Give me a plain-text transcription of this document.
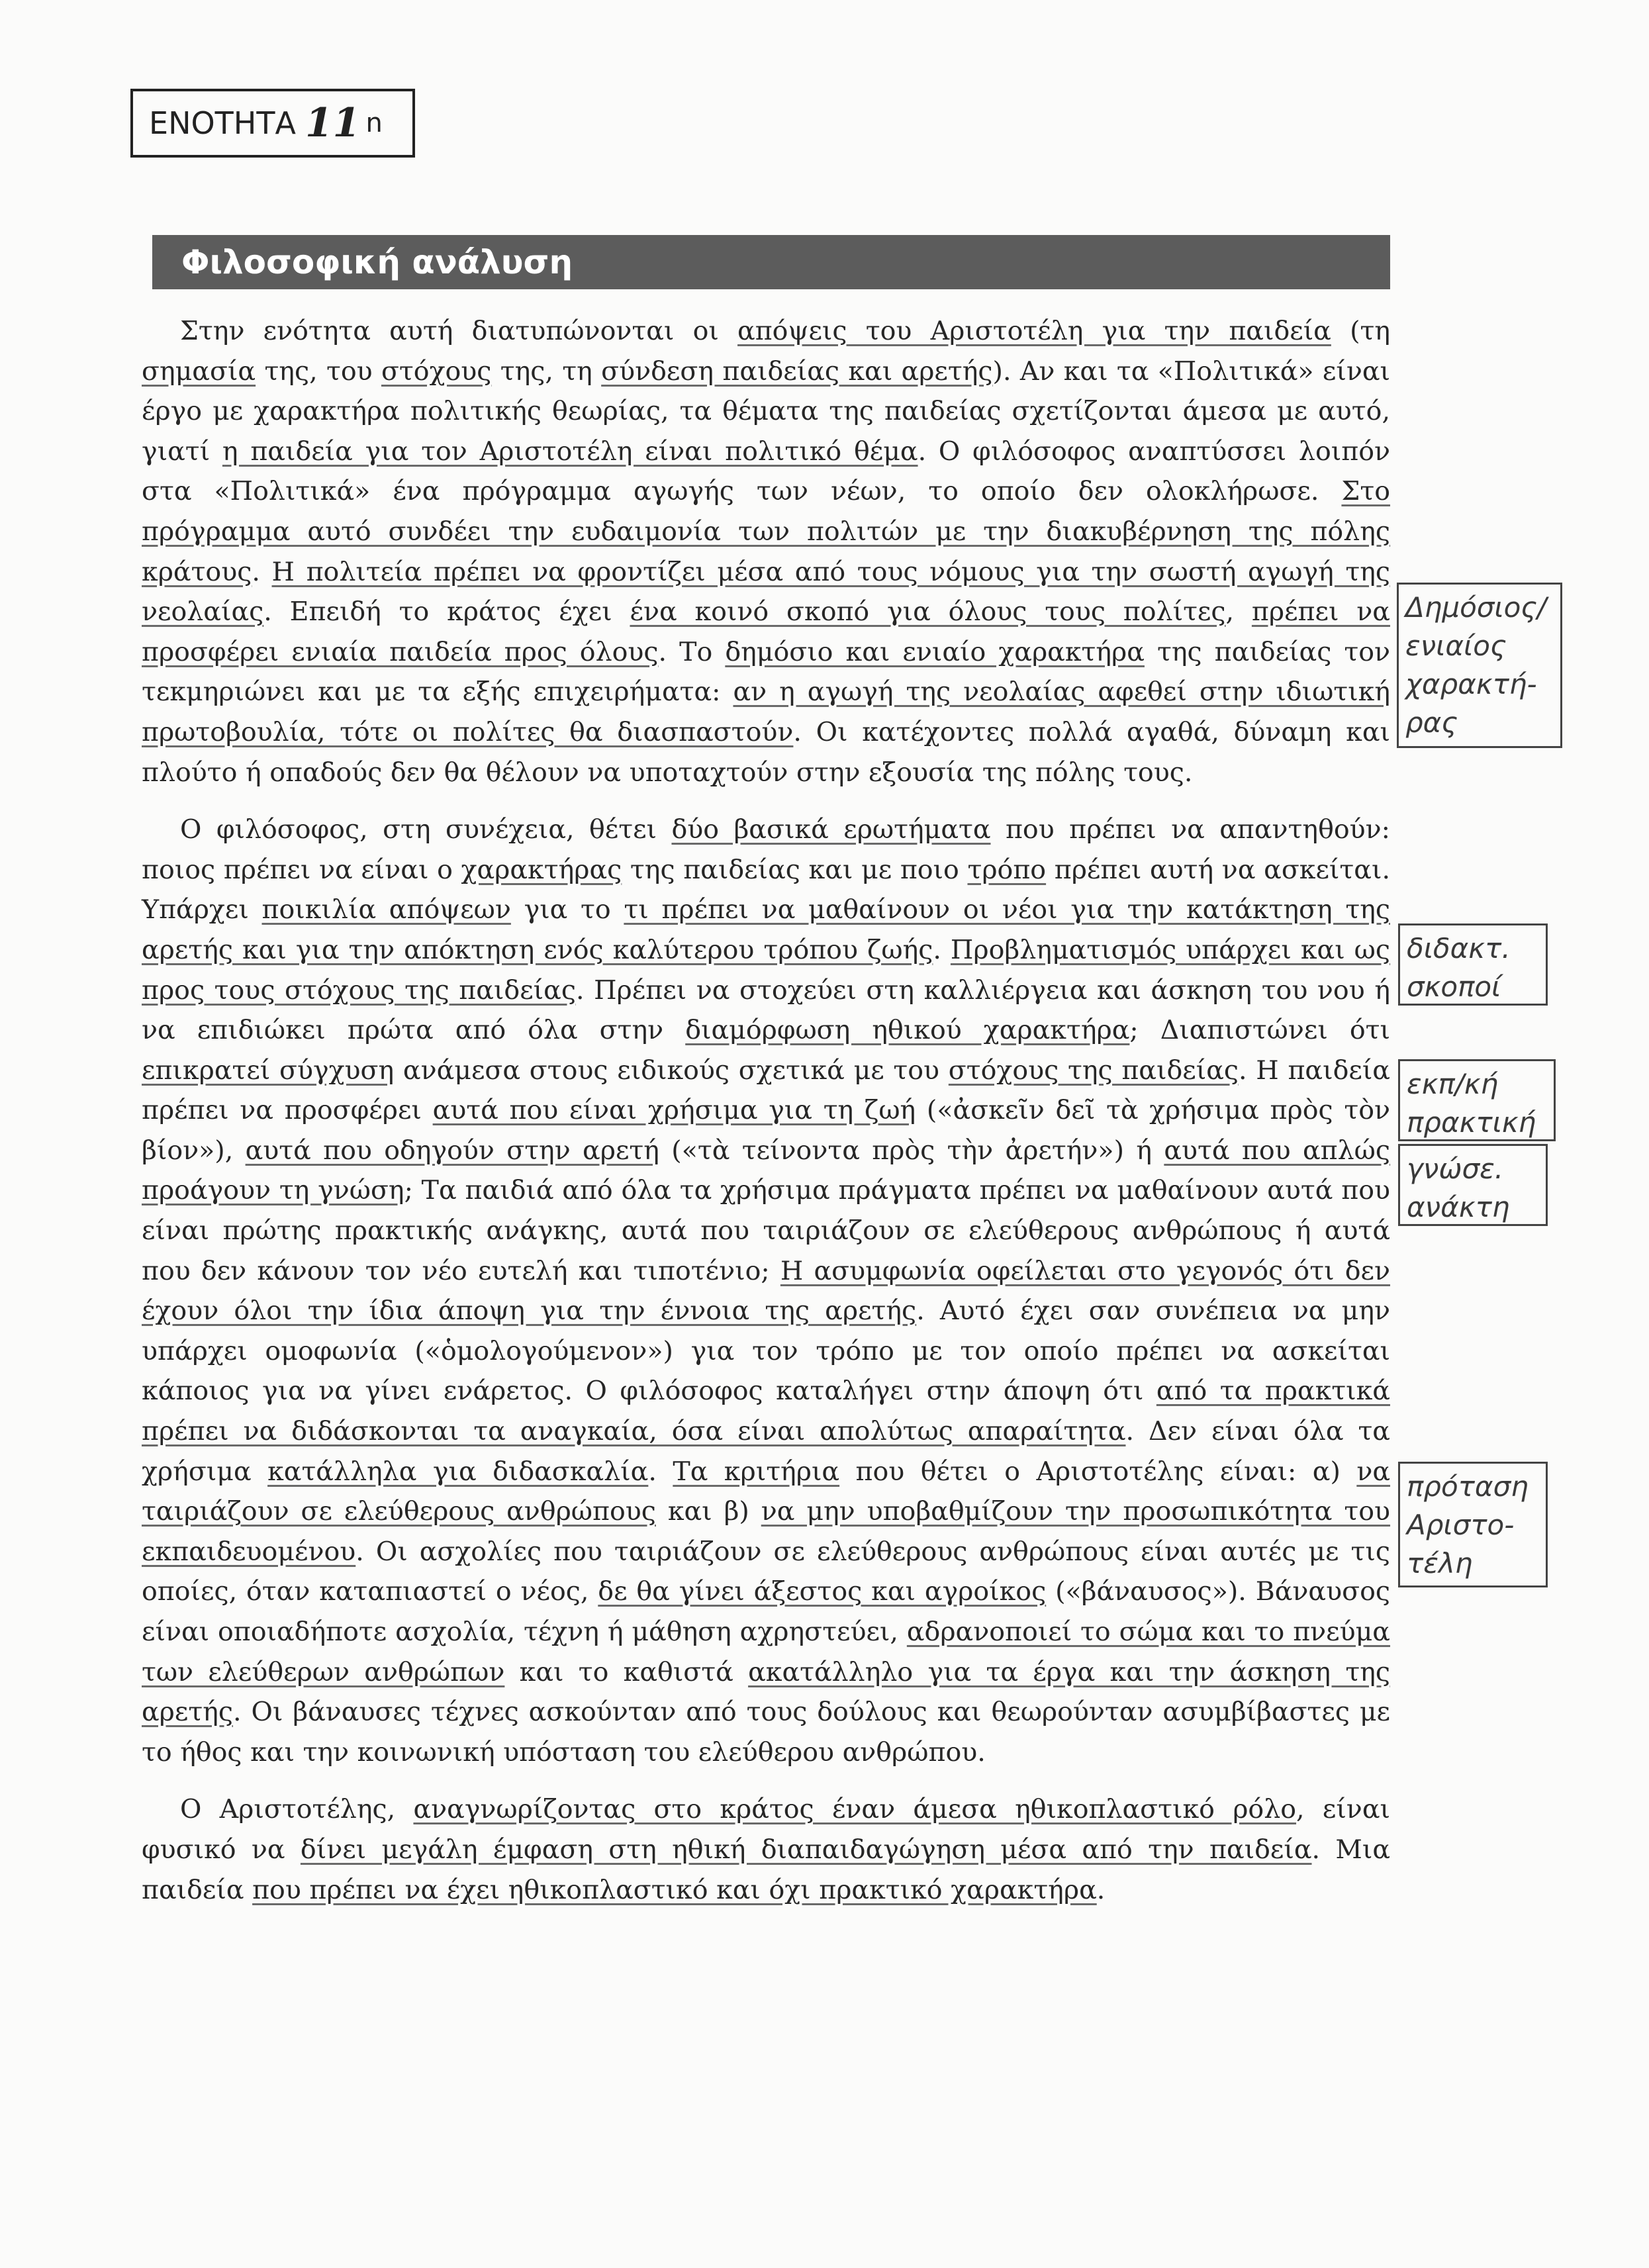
ΕΝΟΤΗΤΑ 11 n
Φιλοσοφική ανάλυση

Στην ενότητα αυτή διατυπώνονται οι απόψεις του Αριστοτέλη για την παιδεία (τη σημασία της, του στόχους της, τη σύνδεση παιδείας και αρετής). Αν και τα «Πολιτικά» είναι έργο με χαρακτήρα πολιτικής θεωρίας, τα θέματα της παιδείας σχετίζονται άμεσα με αυτό, γιατί η παιδεία για τον Αριστοτέλη είναι πολιτικό θέμα. Ο φιλόσοφος αναπτύσσει λοιπόν στα «Πολιτικά» ένα πρόγραμμα αγωγής των νέων, το οποίο δεν ολοκλήρωσε. Στο πρόγραμμα αυτό συνδέει την ευδαιμονία των πολιτών με την διακυβέρνηση της πόλης κράτους. Η πολιτεία πρέπει να φροντίζει μέσα από τους νόμους για την σωστή αγωγή της νεολαίας. Επειδή το κράτος έχει ένα κοινό σκοπό για όλους τους πολίτες, πρέπει να προσφέρει ενιαία παιδεία προς όλους. Το δημόσιο και ενιαίο χαρακτήρα της παιδείας τον τεκμηριώνει και με τα εξής επιχειρήματα: αν η αγωγή της νεολαίας αφεθεί στην ιδιωτική πρωτοβουλία, τότε οι πολίτες θα διασπαστούν. Οι κατέχοντες πολλά αγαθά, δύναμη και πλούτο ή οπαδούς δεν θα θέλουν να υποταχτούν στην εξουσία της πόλης τους.

Ο φιλόσοφος, στη συνέχεια, θέτει δύο βασικά ερωτήματα που πρέπει να απαντηθούν: ποιος πρέπει να είναι ο χαρακτήρας της παιδείας και με ποιο τρόπο πρέπει αυτή να ασκείται. Υπάρχει ποικιλία απόψεων για το τι πρέπει να μαθαίνουν οι νέοι για την κατάκτηση της αρετής και για την απόκτηση ενός καλύτερου τρόπου ζωής. Προβληματισμός υπάρχει και ως προς τους στόχους της παιδείας. Πρέπει να στοχεύει στη καλλιέργεια και άσκηση του νου ή να επιδιώκει πρώτα από όλα στην διαμόρφωση ηθικού χαρακτήρα; Διαπιστώνει ότι επικρατεί σύγχυση ανάμεσα στους ειδικούς σχετικά με του στόχους της παιδείας. Η παιδεία πρέπει να προσφέρει αυτά που είναι χρήσιμα για τη ζωή («ἀσκεῖν δεῖ τὰ χρήσιμα πρὸς τὸν βίον»), αυτά που οδηγούν στην αρετή («τὰ τείνοντα πρὸς τὴν ἀρετήν») ή αυτά που απλώς προάγουν τη γνώση; Τα παιδιά από όλα τα χρήσιμα πράγματα πρέπει να μαθαίνουν αυτά που είναι πρώτης πρακτικής ανάγκης, αυτά που ταιριάζουν σε ελεύθερους ανθρώπους ή αυτά που δεν κάνουν τον νέο ευτελή και τιποτένιο; Η ασυμφωνία οφείλεται στο γεγονός ότι δεν έχουν όλοι την ίδια άποψη για την έννοια της αρετής. Αυτό έχει σαν συνέπεια να μην υπάρχει ομοφωνία («ὁμολογούμενον») για τον τρόπο με τον οποίο πρέπει να ασκείται κάποιος για να γίνει ενάρετος. Ο φιλόσοφος καταλήγει στην άποψη ότι από τα πρακτικά πρέπει να διδάσκονται τα αναγκαία, όσα είναι απολύτως απαραίτητα. Δεν είναι όλα τα χρήσιμα κατάλληλα για διδασκαλία. Τα κριτήρια που θέτει ο Αριστοτέλης είναι: α) να ταιριάζουν σε ελεύθερους ανθρώπους και β) να μην υποβαθμίζουν την προσωπικότητα του εκπαιδευομένου. Οι ασχολίες που ταιριάζουν σε ελεύθερους ανθρώπους είναι αυτές με τις οποίες, όταν καταπιαστεί ο νέος, δε θα γίνει άξεστος και αγροίκος («βάναυσος»). Βάναυσος είναι οποιαδήποτε ασχολία, τέχνη ή μάθηση αχρηστεύει, αδρανοποιεί το σώμα και το πνεύμα των ελεύθερων ανθρώπων και το καθιστά ακατάλληλο για τα έργα και την άσκηση της αρετής. Οι βάναυσες τέχνες ασκούνταν από τους δούλους και θεωρούνταν ασυμβίβαστες με το ήθος και την κοινωνική υπόσταση του ελεύθερου ανθρώπου.

Ο Αριστοτέλης, αναγνωρίζοντας στο κράτος έναν άμεσα ηθικοπλαστικό ρόλο, είναι φυσικό να δίνει μεγάλη έμφαση στη ηθική διαπαιδαγώγηση μέσα από την παιδεία. Μια παιδεία που πρέπει να έχει ηθικοπλαστικό και όχι πρακτικό χαρακτήρα.

Δημόσιος/
ενιαίος
χαρακτή-
ρας
διδακτ.
σκοποί
εκπ/κή
πρακτική
γνώσε.
ανάκτη
πρόταση
Αριστο-
τέλη
